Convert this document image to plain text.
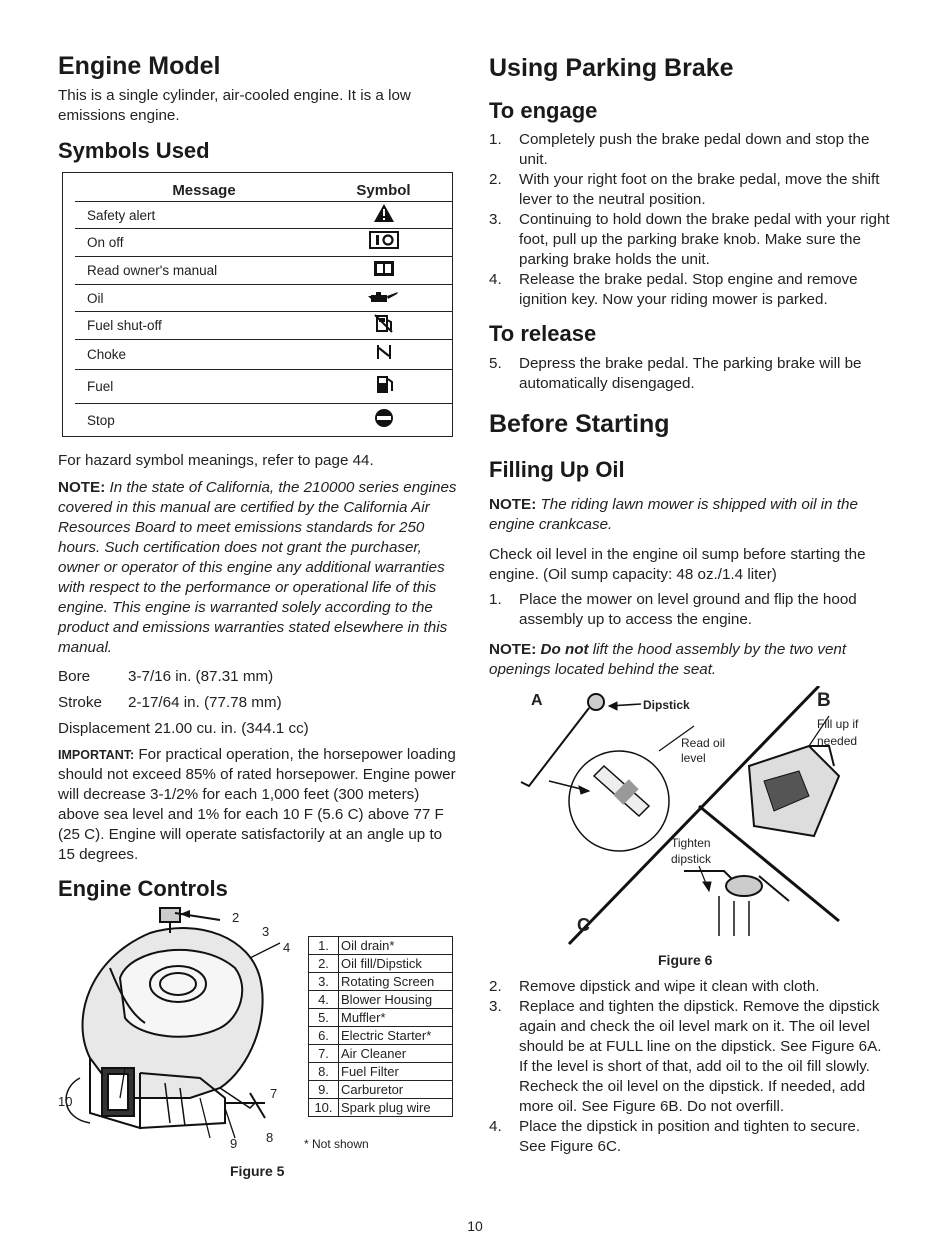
Engine Model

This is a single cylinder, air-cooled engine. It is a low emissions engine.

Symbols Used
Message	Symbol
Safety alert
On off
Read owner's manual
Oil
Fuel shut-off
Choke
Fuel
Stop

For hazard symbol meanings, refer to page 44.

NOTE: In the state of California, the 210000 series engines covered in this manual are certified by the California Air Resources Board to meet emissions standards for 250 hours. Such certification does not grant the purchaser, owner or operator of this engine any additional warranties with respect to the performance or operational life of this engine. This engine is warranted solely according to the product and emissions warranties stated elsewhere in this manual.

Bore	3-7/16 in. (87.31 mm)
Stroke	2-17/64 in. (77.78 mm)
Displacement 21.00 cu. in. (344.1 cc)

IMPORTANT: For practical operation, the horsepower loading should not exceed 85% of rated horsepower. Engine power will decrease 3-1/2% for each 1,000 feet (300 meters) above sea level and 1% for each 10 F (5.6 C) above 77 F (25 C). Engine will operate satisfactorily at an angle up to 15 degrees.

Engine Controls
2
3
4
7
8
9
10
1.	Oil drain*
2.	Oil fill/Dipstick
3.	Rotating Screen
4.	Blower Housing
5.	Muffler*
6.	Electric Starter*
7.	Air Cleaner
8.	Fuel Filter
9.	Carburetor
10.	Spark plug wire
* Not shown
Figure 5
Using Parking Brake
To engage
1.	Completely push the brake pedal down and stop the unit.
2.	With your right foot on the brake pedal, move the shift lever to the neutral position.
3.	Continuing to hold down the brake pedal with your right foot, pull up the parking brake knob. Make sure the parking brake holds the unit.
4.	Release the brake pedal. Stop engine and remove ignition key. Now your riding mower is parked.
To release
5.	Depress the brake pedal. The parking brake will be automatically disengaged.
Before Starting
Filling Up Oil

NOTE: The riding lawn mower is shipped with oil in the engine crankcase.

Check oil level in the engine oil sump before starting the engine. (Oil sump capacity: 48 oz./1.4 liter)

1.	Place the mower on level ground and flip the hood assembly up to access the engine.

NOTE: Do not lift the hood assembly by the two vent openings located behind the seat.

A	B
C
Dipstick
Read oil
level
Fill up if
needed
Tighten
dipstick
Figure 6
2.	Remove dipstick and wipe it clean with cloth.
3.	Replace and tighten the dipstick. Remove the dipstick again and check the oil level mark on it. The oil level should be at FULL line on the dipstick. See Figure 6A. If the level is short of that, add oil to the oil fill slowly. Recheck the oil level on the dipstick. If needed, add more oil. See Figure 6B. Do not overfill.
4.	Place the dipstick in position and tighten to secure. See Figure 6C.
10
